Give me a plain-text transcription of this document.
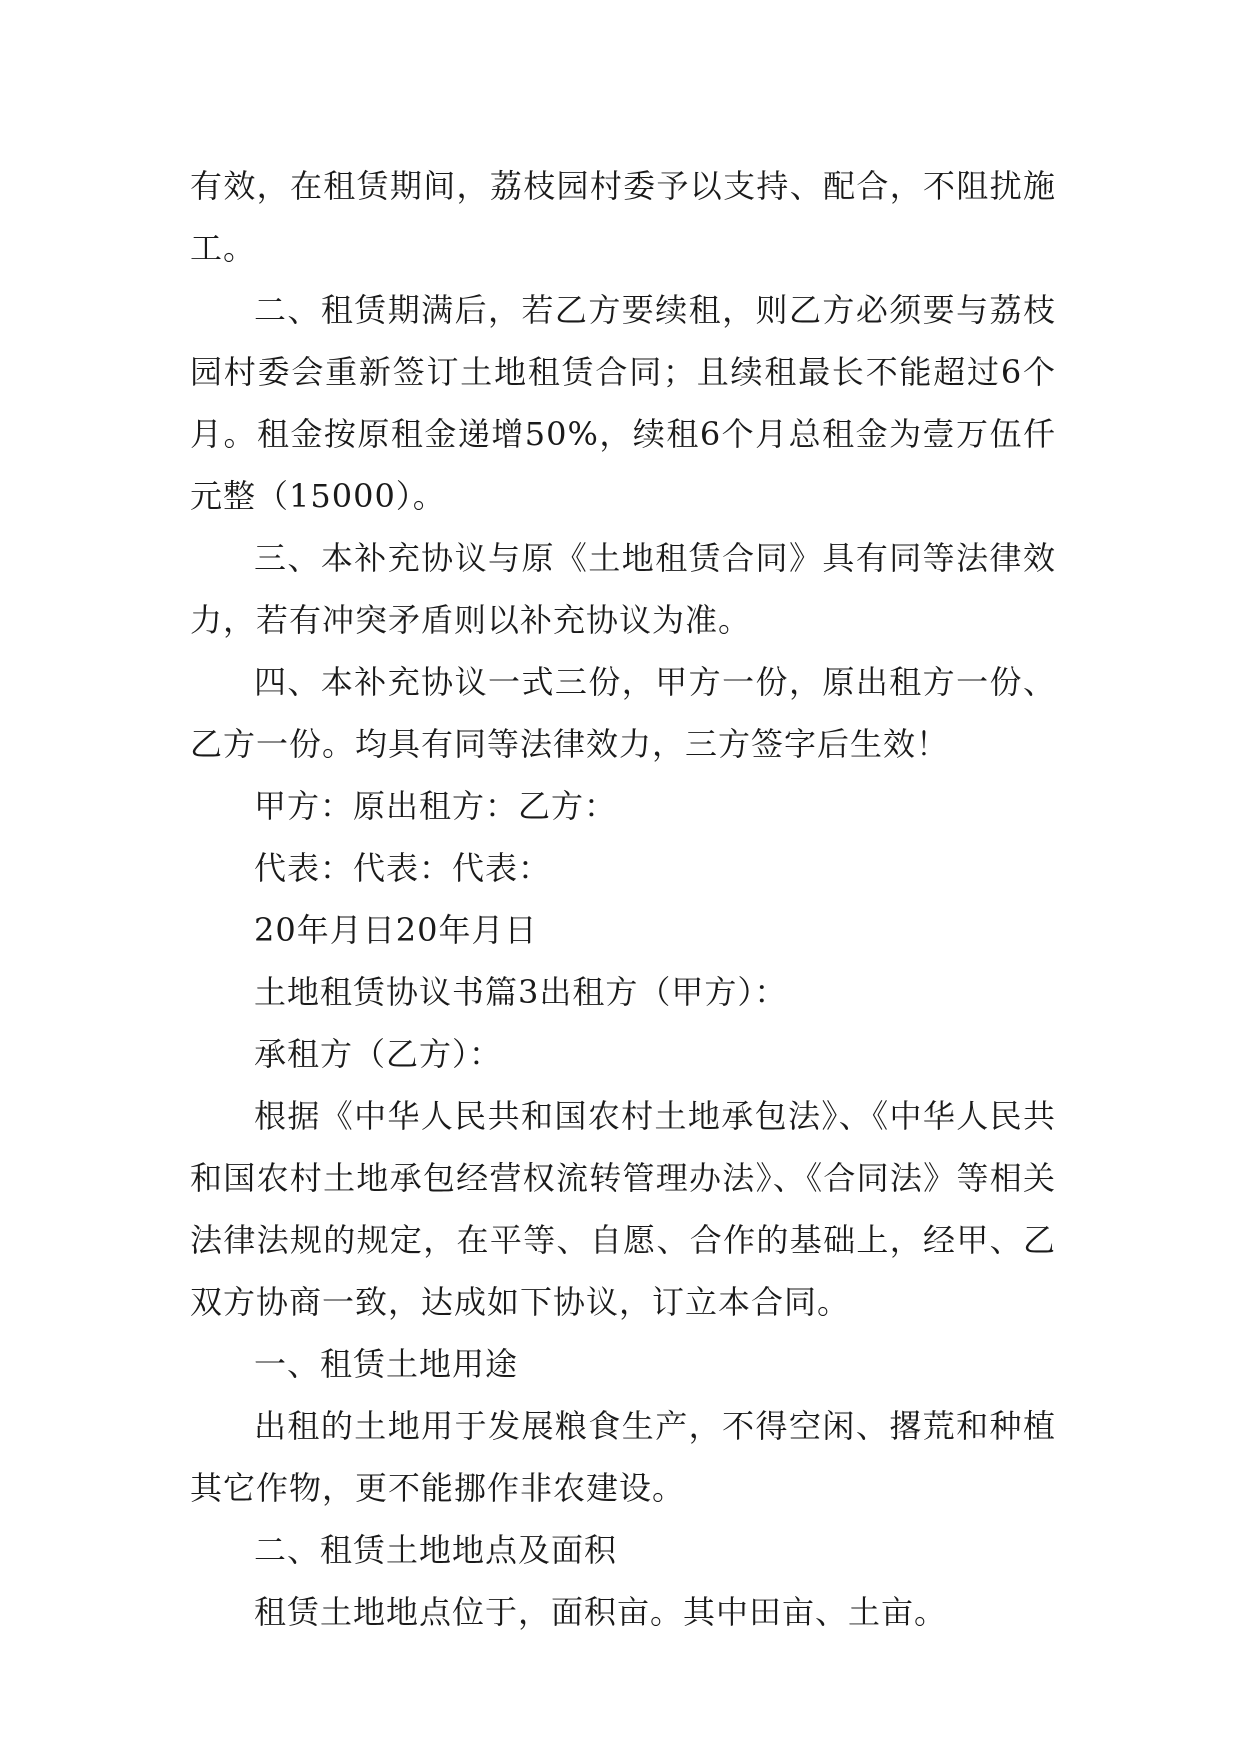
有效，在租赁期间，荔枝园村委予以支持、配合，不阻扰施工。

二、租赁期满后，若乙方要续租，则乙方必须要与荔枝园村委会重新签订土地租赁合同；且续租最长不能超过6个月。租金按原租金递增50%，续租6个月总租金为壹万伍仟元整（15000）。

三、本补充协议与原《土地租赁合同》具有同等法律效力，若有冲突矛盾则以补充协议为准。

四、本补充协议一式三份，甲方一份，原出租方一份、乙方一份。均具有同等法律效力，三方签字后生效！

甲方：原出租方：乙方：

代表：代表：代表：

20年月日20年月日

土地租赁协议书篇3出租方（甲方）：

承租方（乙方）：

根据《中华人民共和国农村土地承包法》、《中华人民共和国农村土地承包经营权流转管理办法》、《合同法》等相关法律法规的规定，在平等、自愿、合作的基础上，经甲、乙双方协商一致，达成如下协议，订立本合同。

一、租赁土地用途

出租的土地用于发展粮食生产，不得空闲、撂荒和种植其它作物，更不能挪作非农建设。

二、租赁土地地点及面积

租赁土地地点位于，面积亩。其中田亩、土亩。
